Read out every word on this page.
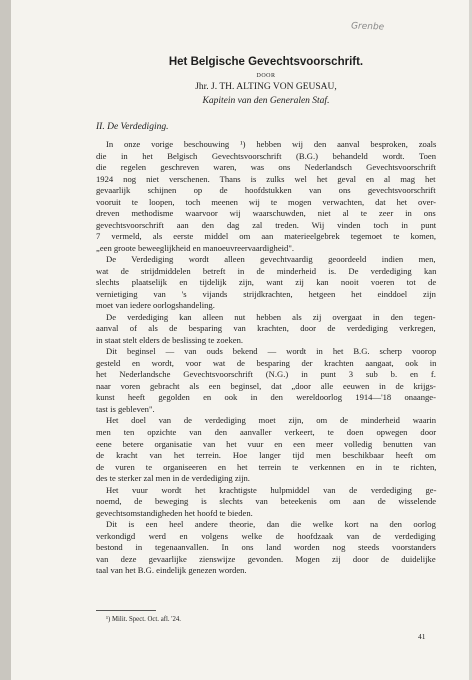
Grenbe
Het Belgische Gevechtsvoorschrift.
DOOR
Jhr. J. TH. ALTING VON GEUSAU,
Kapitein van den Generalen Staf.
II. De Verdediging.
In onze vorige beschouwing ¹) hebben wij den aanval besproken, zoals
die in het Belgisch Gevechtsvoorschrift (B.G.) behandeld wordt. Toen
die regelen geschreven waren, was ons Nederlandsch Gevechtsvoorschrift
1924 nog niet verschenen. Thans is zulks wel het geval en al mag het
gevaarlijk schijnen op de hoofdstukken van ons gevechtsvoorschrift
vooruit te loopen, toch meenen wij te mogen verwachten, dat het over-
dreven methodisme waarvoor wij waarschuwden, niet al te zeer in ons
gevechtsvoorschrift aan den dag zal treden. Wij vinden toch in punt
7 vermeld, als eerste middel om aan materieelgebrek tegemoet te komen,
„een groote beweeglijkheid en manoeuvreervaardigheid".
De Verdediging wordt alleen gevechtvaardig geoordeeld indien men,
wat de strijdmiddelen betreft in de minderheid is. De verdediging kan
slechts plaatselijk en tijdelijk zijn, want zij kan nooit voeren tot de
vernietiging van 's vijands strijdkrachten, hetgeen het einddoel zijn
moet van iedere oorlogshandeling.
De verdediging kan alleen nut hebben als zij overgaat in den tegen-
aanval of als de besparing van krachten, door de verdediging verkregen,
in staat stelt elders de beslissing te zoeken.
Dit beginsel — van ouds bekend — wordt in het B.G. scherp voorop
gesteld en wordt, voor wat de besparing der krachten aangaat, ook in
het Nederlandsche Gevechtsvoorschrift (N.G.) in punt 3 sub b. en f.
naar voren gebracht als een beginsel, dat „door alle eeuwen in de krijgs-
kunst heeft gegolden en ook in den wereldoorlog 1914—'18 onaange-
tast is gebleven".
Het doel van de verdediging moet zijn, om de minderheid waarin
men ten opzichte van den aanvaller verkeert, te doen opwegen door
eene betere organisatie van het vuur en een meer volledig benutten van
de kracht van het terrein. Hoe langer tijd men beschikbaar heeft om
de vuren te organiseeren en het terrein te verkennen en in te richten,
des te sterker zal men in de verdediging zijn.
Het vuur wordt het krachtigste hulpmiddel van de verdediging ge-
noemd, de beweging is slechts van beteekenis om aan de wisselende
gevechtsomstandigheden het hoofd te bieden.
Dit is een heel andere theorie, dan die welke kort na den oorlog
verkondigd werd en volgens welke de hoofdzaak van de verdediging
bestond in tegenaanvallen. In ons land worden nog steeds voorstanders
van deze gevaarlijke zienswijze gevonden. Mogen zij door de duidelijke
taal van het B.G. eindelijk genezen worden.
¹) Milit. Spect. Oct. afl. '24.
41
